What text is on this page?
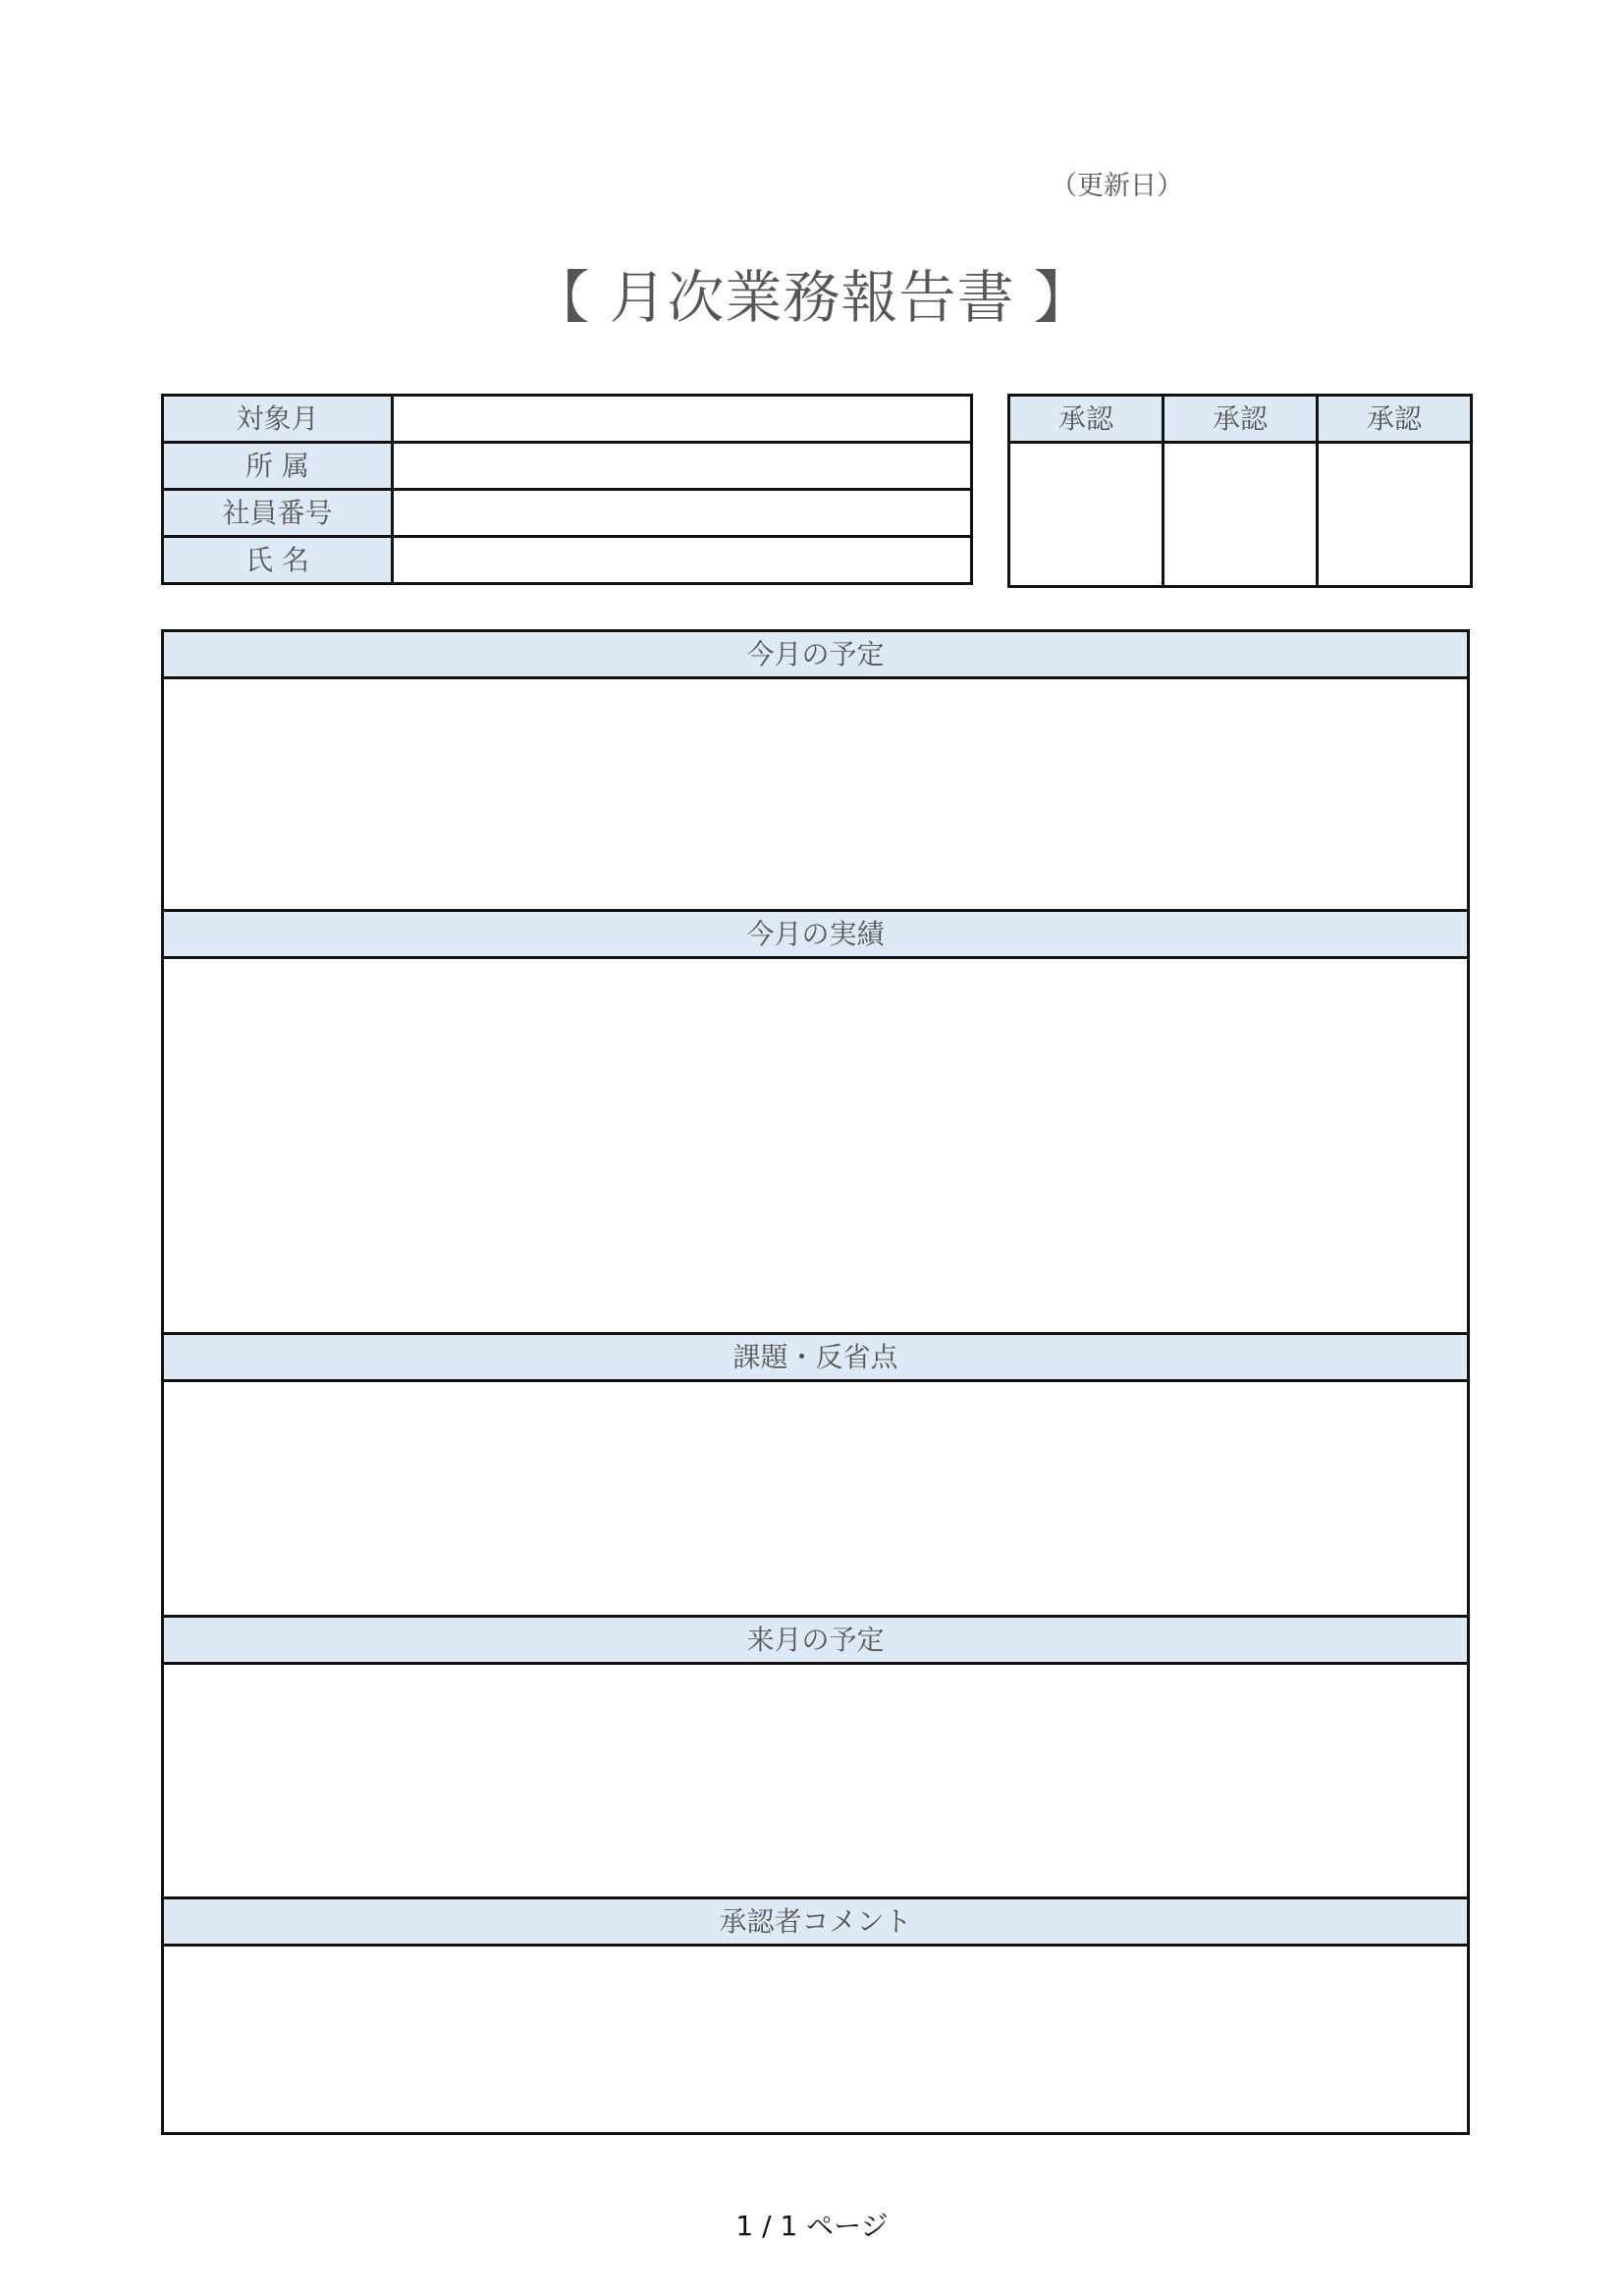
（更新日）
【 月次業務報告書 】
対象月	
所 属	
社員番号	
氏 名	
承認	承認	承認

今月の予定

今月の実績

課題・反省点

来月の予定

承認者コメント

1 / 1 ページ
